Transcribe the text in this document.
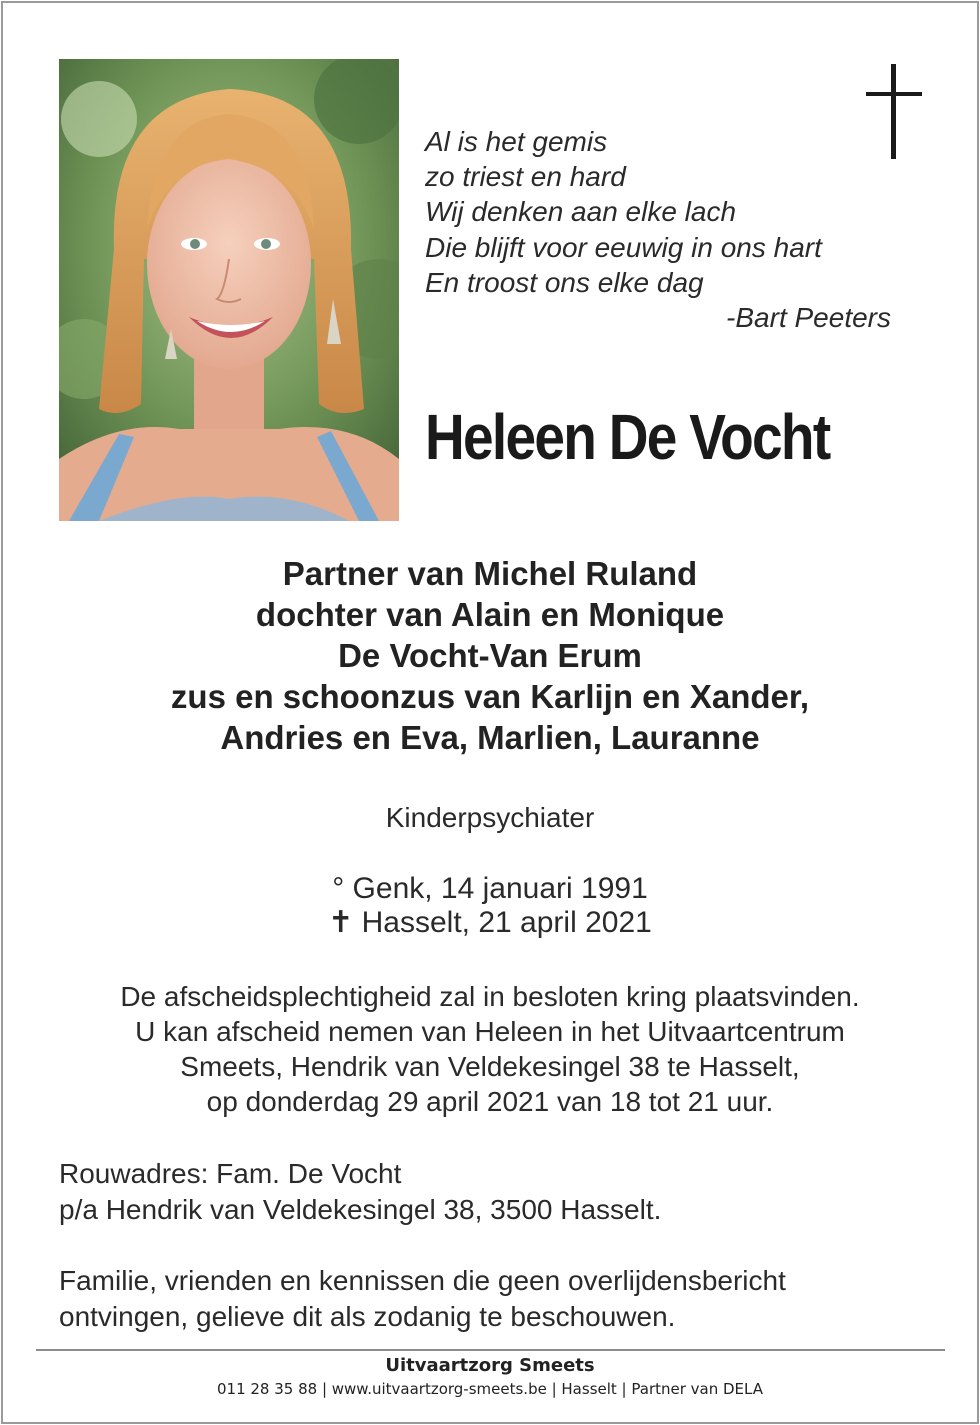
Al is het gemis
zo triest en hard
Wij denken aan elke lach
Die blijft voor eeuwig in ons hart
En troost ons elke dag
-Bart Peeters
Heleen De Vocht
Partner van Michel Ruland
dochter van Alain en Monique
De Vocht-Van Erum
zus en schoonzus van Karlijn en Xander,
Andries en Eva, Marlien, Lauranne
Kinderpsychiater
° Genk, 14 januari 1991
✝ Hasselt, 21 april 2021
De afscheidsplechtigheid zal in besloten kring plaatsvinden.
U kan afscheid nemen van Heleen in het Uitvaartcentrum
Smeets, Hendrik van Veldekesingel 38 te Hasselt,
op donderdag 29 april 2021 van 18 tot 21 uur.
Rouwadres: Fam. De Vocht
p/a Hendrik van Veldekesingel 38, 3500 Hasselt.
Familie, vrienden en kennissen die geen overlijdensbericht
ontvingen, gelieve dit als zodanig te beschouwen.
Uitvaartzorg Smeets
011 28 35 88 | www.uitvaartzorg-smeets.be | Hasselt | Partner van DELA
